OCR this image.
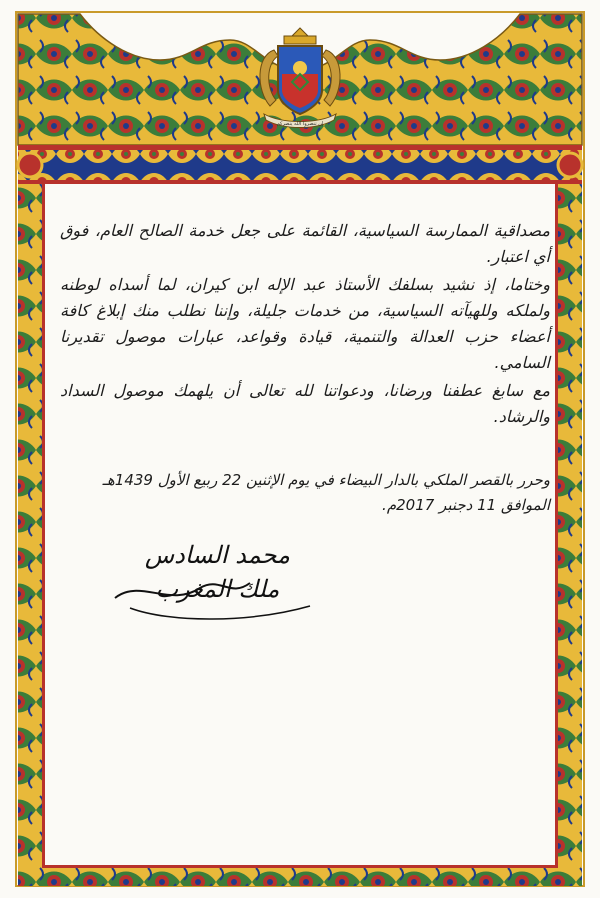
إن تنصروا الله ينصركم

مصداقية الممارسة السياسية، القائمة على جعل خدمة الصالح العام، فوق أي اعتبار.

وختاما، إذ نشيد بسلفك الأستاذ عبد الإله ابن كيران، لما أسداه لوطنه ولملكه وللهيآته السياسية، من خدمات جليلة، وإننا نطلب منك إبلاغ كافة أعضاء حزب العدالة والتنمية، قيادة وقواعد، عبارات موصول تقديرنا السامي.

مع سابغ عطفنا ورضانا، ودعواتنا لله تعالى أن يلهمك موصول السداد والرشاد.

وحرر بالقصر الملكي بالدار البيضاء في يوم الإثنين 22 ربيع الأول 1439هـ

الموافق 11 دجنبر 2017م.

محمد السادس
ملك المغرب
